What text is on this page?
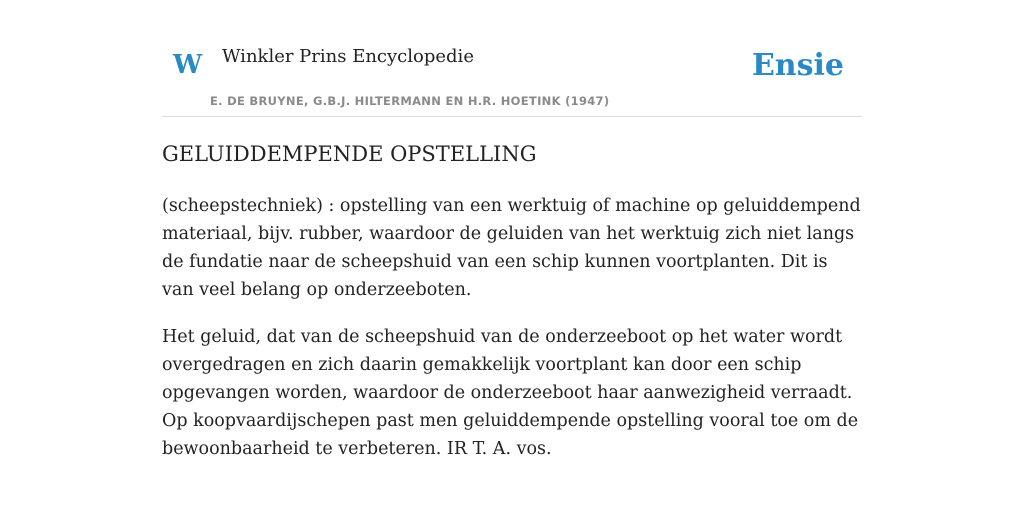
W Winkler Prins Encyclopedie
E. DE BRUYNE, G.B.J. HILTERMANN EN H.R. HOETINK (1947)
Ensie
GELUIDDEMPENDE OPSTELLING

(scheepstechniek) : opstelling van een werktuig of machine op geluiddempend materiaal, bijv. rubber, waardoor de geluiden van het werktuig zich niet langs de fundatie naar de scheepshuid van een schip kunnen voortplanten. Dit is van veel belang op onderzeeboten.

Het geluid, dat van de scheepshuid van de onderzeeboot op het water wordt overgedragen en zich daarin gemakkelijk voortplant kan door een schip opgevangen worden, waardoor de onderzeeboot haar aanwezigheid verraadt. Op koopvaardijschepen past men geluiddempende opstelling vooral toe om de bewoonbaarheid te verbeteren. IR T. A. vos.
